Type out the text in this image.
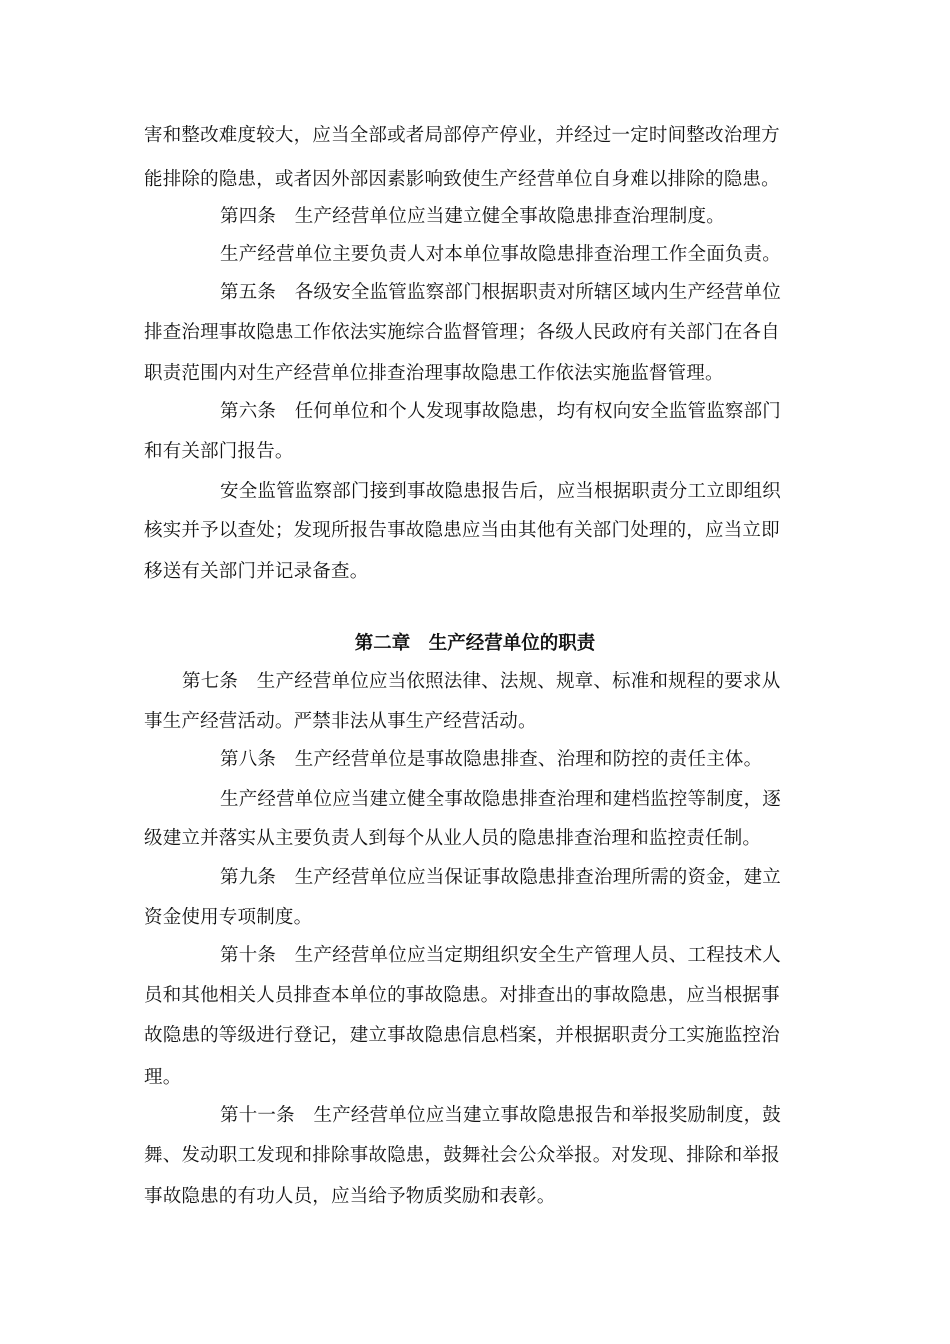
害和整改难度较大，应当全部或者局部停产停业，并经过一定时间整改治理方
能排除的隐患，或者因外部因素影响致使生产经营单位自身难以排除的隐患。
第四条　生产经营单位应当建立健全事故隐患排查治理制度。
生产经营单位主要负责人对本单位事故隐患排查治理工作全面负责。
第五条　各级安全监管监察部门根据职责对所辖区域内生产经营单位
排查治理事故隐患工作依法实施综合监督管理；各级人民政府有关部门在各自
职责范围内对生产经营单位排查治理事故隐患工作依法实施监督管理。
第六条　任何单位和个人发现事故隐患，均有权向安全监管监察部门
和有关部门报告。
安全监管监察部门接到事故隐患报告后，应当根据职责分工立即组织
核实并予以查处；发现所报告事故隐患应当由其他有关部门处理的，应当立即
移送有关部门并记录备查。
第二章　生产经营单位的职责
第七条　生产经营单位应当依照法律、法规、规章、标准和规程的要求从
事生产经营活动。严禁非法从事生产经营活动。
第八条　生产经营单位是事故隐患排查、治理和防控的责任主体。
生产经营单位应当建立健全事故隐患排查治理和建档监控等制度，逐
级建立并落实从主要负责人到每个从业人员的隐患排查治理和监控责任制。
第九条　生产经营单位应当保证事故隐患排查治理所需的资金，建立
资金使用专项制度。
第十条　生产经营单位应当定期组织安全生产管理人员、工程技术人
员和其他相关人员排查本单位的事故隐患。对排查出的事故隐患，应当根据事
故隐患的等级进行登记，建立事故隐患信息档案，并根据职责分工实施监控治
理。
第十一条　生产经营单位应当建立事故隐患报告和举报奖励制度，鼓
舞、发动职工发现和排除事故隐患，鼓舞社会公众举报。对发现、排除和举报
事故隐患的有功人员，应当给予物质奖励和表彰。
